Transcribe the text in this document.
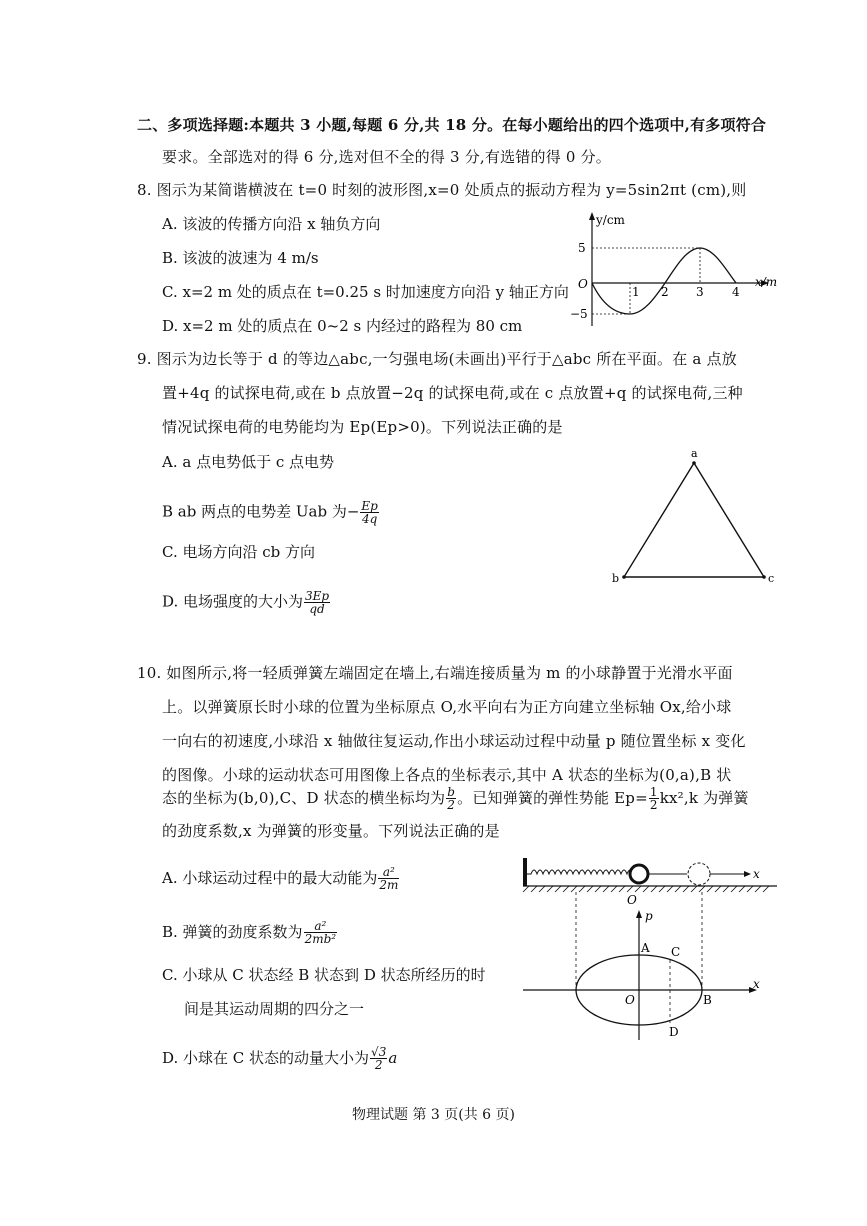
二、多项选择题:本题共 3 小题,每题 6 分,共 18 分。在每小题给出的四个选项中,有多项符合
要求。全部选对的得 6 分,选对但不全的得 3 分,有选错的得 0 分。
8. 图示为某简谐横波在 t=0 时刻的波形图,x=0 处质点的振动方程为 y=5sin2πt (cm),则
A. 该波的传播方向沿 x 轴负方向
B. 该波的波速为 4 m/s
C. x=2 m 处的质点在 t=0.25 s 时加速度方向沿 y 轴正方向
D. x=2 m 处的质点在 0~2 s 内经过的路程为 80 cm
y/cm
x/m
O
5
−5
1 2 3 4
9. 图示为边长等于 d 的等边△abc,一匀强电场(未画出)平行于△abc 所在平面。在 a 点放
置+4q 的试探电荷,或在 b 点放置−2q 的试探电荷,或在 c 点放置+q 的试探电荷,三种
情况试探电荷的电势能均为 Ep(Ep>0)。下列说法正确的是
A. a 点电势低于 c 点电势
B ab 两点的电势差 Uab 为− $\frac{Ep}{4q}$
C. 电场方向沿 cb 方向
D. 电场强度的大小为 $\frac{3Ep}{qd}$
a
b	c
10. 如图所示,将一轻质弹簧左端固定在墙上,右端连接质量为 m 的小球静置于光滑水平面
上。以弹簧原长时小球的位置为坐标原点 O,水平向右为正方向建立坐标轴 Ox,给小球
一向右的初速度,小球沿 x 轴做往复运动,作出小球运动过程中动量 p 随位置坐标 x 变化
的图像。小球的运动状态可用图像上各点的坐标表示,其中 A 状态的坐标为(0,a),B 状
态的坐标为(b,0),C、D 状态的横坐标均为 $\frac{b}{2}$ 。已知弹簧的弹性势能 $Ep= \frac{1}{2} kx^2,k$ 为弹簧
的劲度系数,x 为弹簧的形变量。下列说法正确的是
A. 小球运动过程中的最大动能为 $\frac{\text{a²}}{2m}$
B. 弹簧的劲度系数为 $\frac{\text{a²}}{\text{2mb²}}$
C. 小球从 C 状态经 B 状态到 D 状态所经历的时
间是其运动周期的四分之一
D. 小球在 C 状态的动量大小为 $\frac{√3}{2}$ a
x
O
p
x
A C
O	B
D
物理试题 第 3 页(共 6 页)
